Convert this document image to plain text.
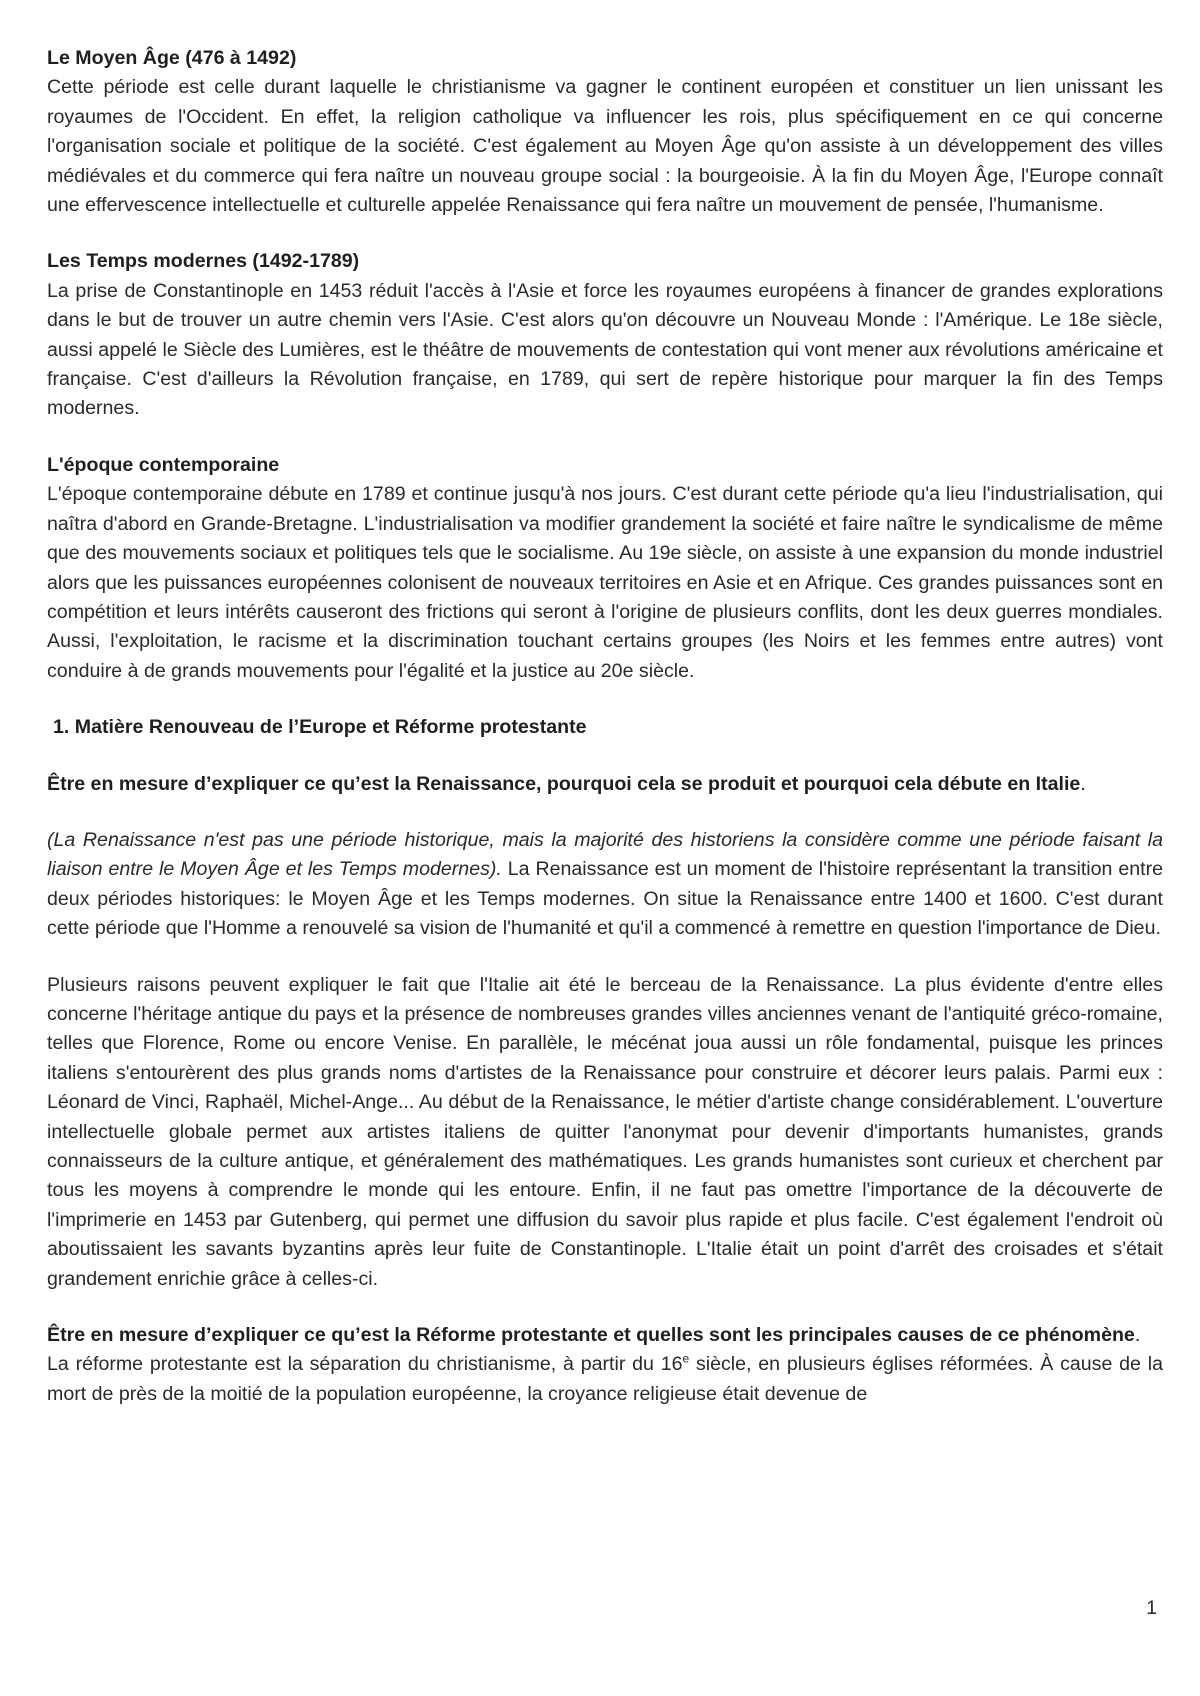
Le Moyen Âge (476 à 1492)

Cette période est celle durant laquelle le christianisme va gagner le continent européen et constituer un lien unissant les royaumes de l'Occident. En effet, la religion catholique va influencer les rois, plus spécifiquement en ce qui concerne l'organisation sociale et politique de la société. C'est également au Moyen Âge qu'on assiste à un développement des villes médiévales et du commerce qui fera naître un nouveau groupe social : la bourgeoisie. À la fin du Moyen Âge, l'Europe connaît une effervescence intellectuelle et culturelle appelée Renaissance qui fera naître un mouvement de pensée, l'humanisme.

Les Temps modernes (1492-1789)

La prise de Constantinople en 1453 réduit l'accès à l'Asie et force les royaumes européens à financer de grandes explorations dans le but de trouver un autre chemin vers l'Asie. C'est alors qu'on découvre un Nouveau Monde : l'Amérique. Le 18e siècle, aussi appelé le Siècle des Lumières, est le théâtre de mouvements de contestation qui vont mener aux révolutions américaine et française. C'est d'ailleurs la Révolution française, en 1789, qui sert de repère historique pour marquer la fin des Temps modernes.

L'époque contemporaine

L'époque contemporaine débute en 1789 et continue jusqu'à nos jours. C'est durant cette période qu'a lieu l'industrialisation, qui naîtra d'abord en Grande-Bretagne. L'industrialisation va modifier grandement la société et faire naître le syndicalisme de même que des mouvements sociaux et politiques tels que le socialisme. Au 19e siècle, on assiste à une expansion du monde industriel alors que les puissances européennes colonisent de nouveaux territoires en Asie et en Afrique. Ces grandes puissances sont en compétition et leurs intérêts causeront des frictions qui seront à l'origine de plusieurs conflits, dont les deux guerres mondiales. Aussi, l'exploitation, le racisme et la discrimination touchant certains groupes (les Noirs et les femmes entre autres) vont conduire à de grands mouvements pour l'égalité et la justice au 20e siècle.

1. Matière Renouveau de l’Europe et Réforme protestante

Être en mesure d’expliquer ce qu’est la Renaissance, pourquoi cela se produit et pourquoi cela débute en Italie.

(La Renaissance n'est pas une période historique, mais la majorité des historiens la considère comme une période faisant la liaison entre le Moyen Âge et les Temps modernes). La Renaissance est un moment de l'histoire représentant la transition entre deux périodes historiques: le Moyen Âge et les Temps modernes. On situe la Renaissance entre 1400 et 1600. C'est durant cette période que l'Homme a renouvelé sa vision de l'humanité et qu'il a commencé à remettre en question l'importance de Dieu.

Plusieurs raisons peuvent expliquer le fait que l'Italie ait été le berceau de la Renaissance. La plus évidente d'entre elles concerne l'héritage antique du pays et la présence de nombreuses grandes villes anciennes venant de l'antiquité gréco-romaine, telles que Florence, Rome ou encore Venise. En parallèle, le mécénat joua aussi un rôle fondamental, puisque les princes italiens s'entourèrent des plus grands noms d'artistes de la Renaissance pour construire et décorer leurs palais. Parmi eux : Léonard de Vinci, Raphaël, Michel-Ange... Au début de la Renaissance, le métier d'artiste change considérablement. L'ouverture intellectuelle globale permet aux artistes italiens de quitter l'anonymat pour devenir d'importants humanistes, grands connaisseurs de la culture antique, et généralement des mathématiques. Les grands humanistes sont curieux et cherchent par tous les moyens à comprendre le monde qui les entoure. Enfin, il ne faut pas omettre l'importance de la découverte de l'imprimerie en 1453 par Gutenberg, qui permet une diffusion du savoir plus rapide et plus facile. C'est également l'endroit où aboutissaient les savants byzantins après leur fuite de Constantinople. L'Italie était un point d'arrêt des croisades et s'était grandement enrichie grâce à celles-ci.

Être en mesure d’expliquer ce qu’est la Réforme protestante et quelles sont les principales causes de ce phénomène.

La réforme protestante est la séparation du christianisme, à partir du 16e siècle, en plusieurs églises réformées. À cause de la mort de près de la moitié de la population européenne, la croyance religieuse était devenue de

1
